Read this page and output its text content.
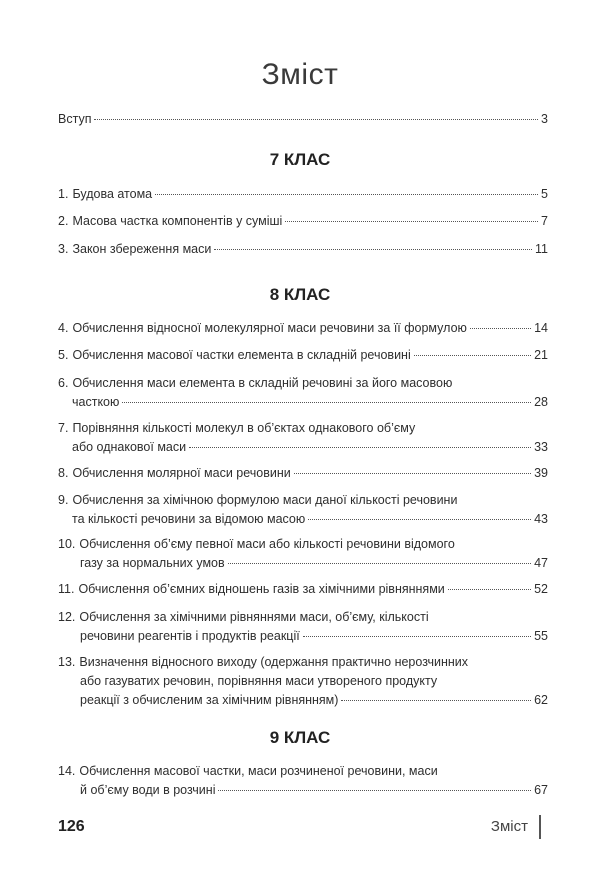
Зміст
Вступ	3
7 КЛАС
1. Будова атома	5
2. Масова частка компонентів у суміші	7
3. Закон збереження маси	11
8 КЛАС
4. Обчислення відносної молекулярної маси речовини за її формулою	14
5. Обчислення масової частки елемента в складній речовині	21
6. Обчислення маси елемента в складній речовині за його масовою
часткою	28
7. Порівняння кількості молекул в об’єктах однакового об’єму
або однакової маси	33
8. Обчислення молярної маси речовини	39
9. Обчислення за хімічною формулою маси даної кількості речовини
та кількості речовини за відомою масою	43
10. Обчислення об’єму певної маси або кількості речовини відомого
газу за нормальних умов	47
11. Обчислення об’ємних відношень газів за хімічними рівняннями	52
12. Обчислення за хімічними рівняннями маси, об’єму, кількості
речовини реагентів і продуктів реакції	55
13. Визначення відносного виходу (одержання практично нерозчинних
або газуватих речовин, порівняння маси утвореного продукту
реакції з обчисленим за хімічним рівнянням)	62
9 КЛАС
14. Обчислення масової частки, маси розчиненої речовини, маси
й об’єму води в розчині	67
126	Зміст
